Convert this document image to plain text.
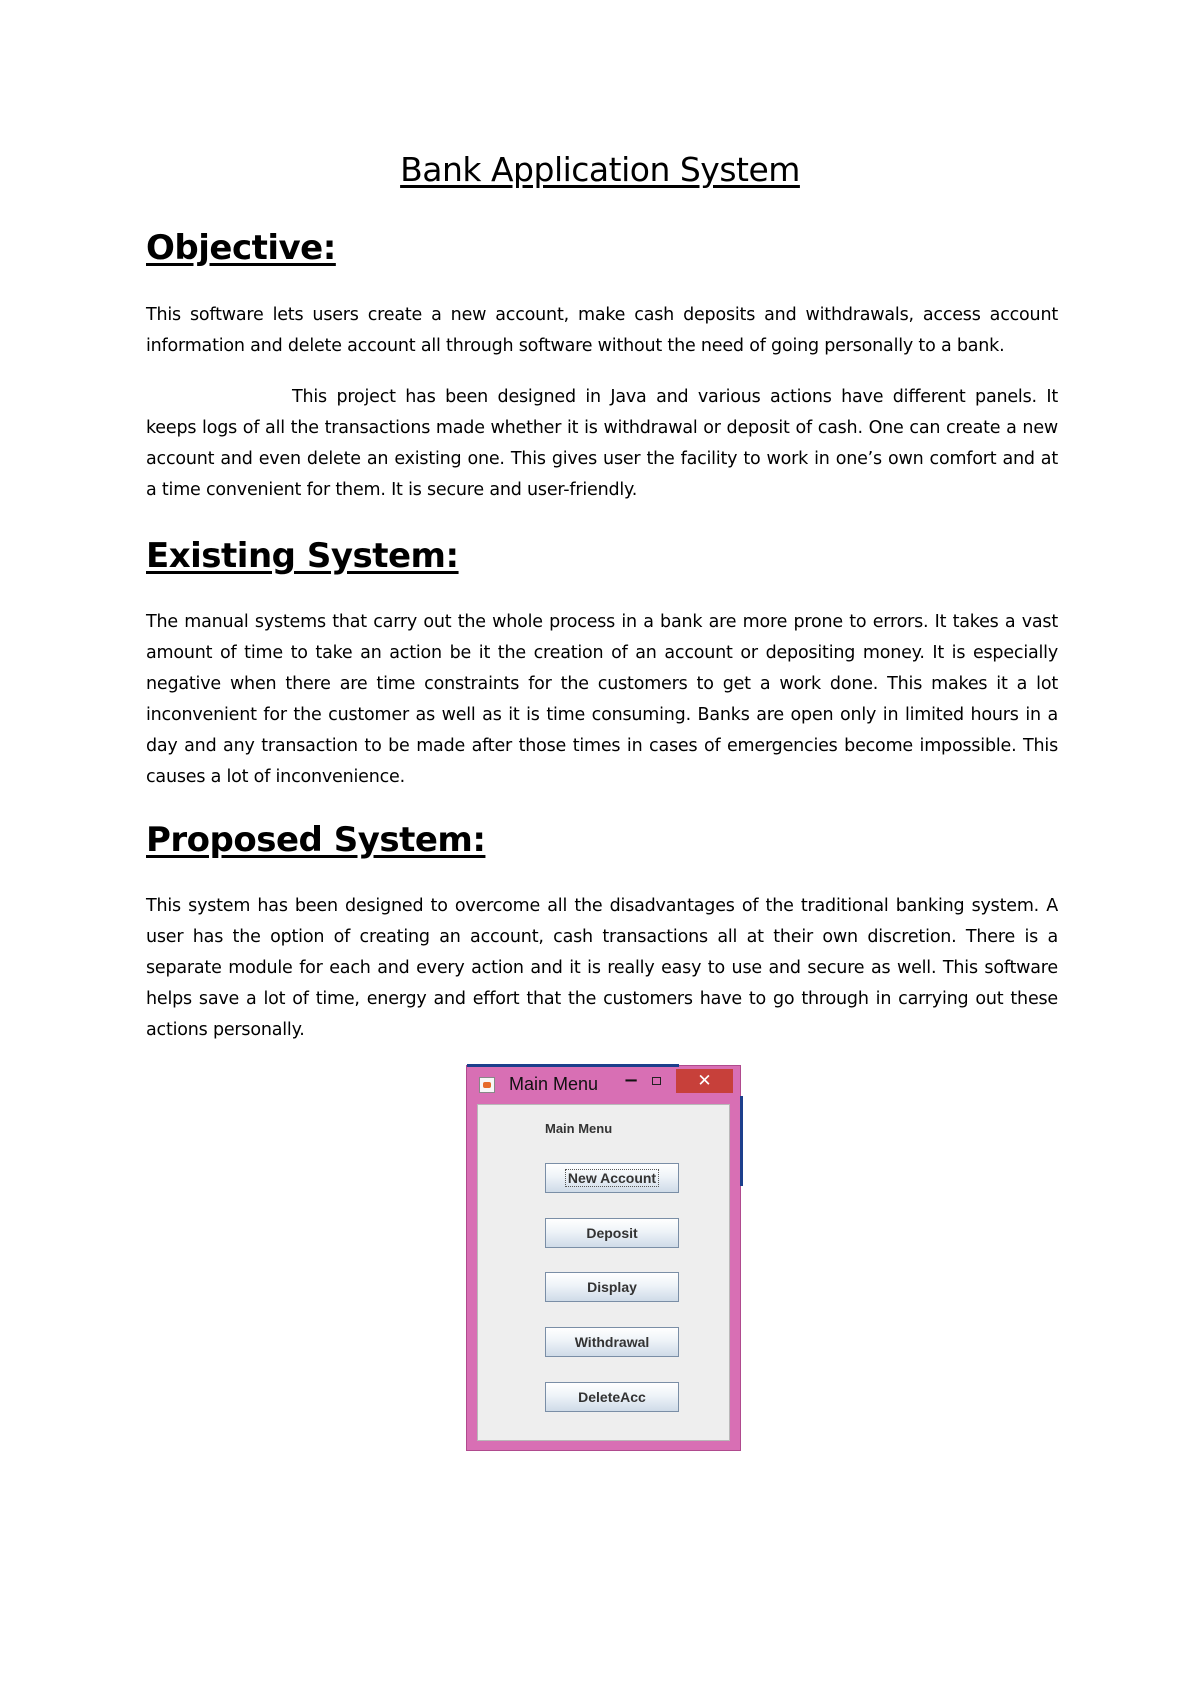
Bank Application System
Objective:
This software lets users create a new account, make cash deposits and withdrawals, access account information and delete account all through software without the need of going personally to a bank.
This project has been designed in Java and various actions have different panels. It keeps logs of all the transactions made whether it is withdrawal or deposit of cash. One can create a new account and even delete an existing one. This gives user the facility to work in one’s own comfort and at a time convenient for them. It is secure and user-friendly.
Existing System:
The manual systems that carry out the whole process in a bank are more prone to errors. It takes a vast amount of time to take an action be it the creation of an account or depositing money. It is especially negative when there are time constraints for the customers to get a work done. This makes it a lot inconvenient for the customer as well as it is time consuming. Banks are open only in limited hours in a day and any transaction to be made after those times in cases of emergencies become impossible. This causes a lot of inconvenience.
Proposed System:
This system has been designed to overcome all the disadvantages of the traditional banking system. A user has the option of creating an account, cash transactions all at their own discretion. There is a separate module for each and every action and it is really easy to use and secure as well. This software helps save a lot of time, energy and effort that the customers have to go through in carrying out these actions personally.
Main Menu −	✕
Main Menu
New Account
Deposit
Display
Withdrawal
DeleteAcc
